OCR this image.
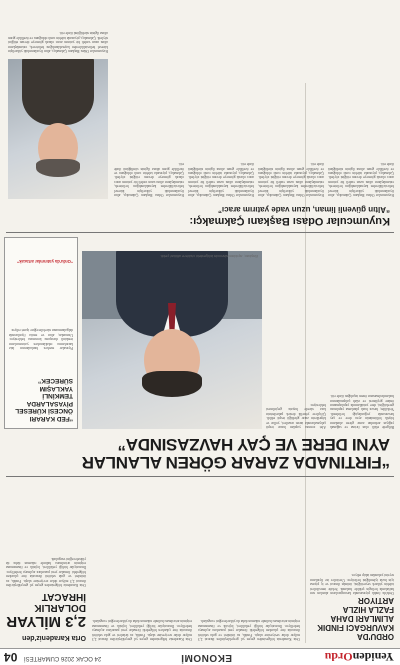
YenidenOrdu
EKONOMİ
24 OCAK 2026 CUMARTESİ
04
ORDU'DA KAVURGACI FINDIK ALIMLARI DAHA FAZLA HIZLA ARTIYOR
Ordu'da fındık piyasasında kavurgacıların alımları son haftalarda belirgin şekilde hızlandı. Sektör temsilcileri talebin yüksek seyrettiğini, ürünün ihracat ve iç piyasa için hızla işlendiğini belirtiyor. Üreticiler ise fiyatların seyrini yakından takip ediyor.
Orta Karadeniz'den
2,3 MİLYAR
DOLARLIK İHRACAT
Orta Karadeniz bölgesinden geçen yıl gerçekleştirilen ihracat 2,3 milyar dolar seviyesine ulaştı. Fındık, su ürünleri ve gıda sektörü ihracatta öne çıkarken bölgedeki firmalar yeni pazarlara açılmayı hedefliyor. İhracatçılar birliği yetkilileri, lojistik ve finansmana erişimin artırılması halinde rakamın daha da yükseleceğini vurguladı.
Orta Karadeniz bölgesinden geçen yıl gerçekleştirilen ihracat 2,3 milyar dolar seviyesine ulaştı. Fındık, su ürünleri ve gıda sektörü ihracatta öne çıkarken bölgedeki firmalar yeni pazarlara açılmayı hedefliyor. İhracatçılar birliği yetkilileri, lojistik ve finansmana erişimin artırılması halinde rakamın daha da yükseleceğini vurguladı.
Orta Karadeniz bölgesinden geçen yıl gerçekleştirilen ihracat 2,3 milyar dolar seviyesine ulaştı. Fındık, su ürünleri ve gıda sektörü ihracatta öne çıkarken bölgedeki firmalar yeni pazarlara açılmayı hedefliyor. İhracatçılar birliği yetkilileri, lojistik ve finansmana erişimin artırılması halinde rakamın daha da yükseleceğini vurguladı.
“FIRTINADA ZARAR GÖREN ALANLAR
AYNI DERE VE ÇAY HAVZASINDA”
Bölgede etkili olan fırtına ve sağanak yağışın ardından zarar gören alanların büyük bölümünün aynı dere ve çay havzasında yoğunlaştığı belirlendi. Yetkililer, havza bazlı planlama yapılması gerektiğini, dere yataklarında yapılaşmanın önüne geçilmesi ve ıslah çalışmalarının hızlandırılmasının önem taşıdığını ifade etti.
Afet sonrası yapılan hasar tespit çalışmalarında tarım arazileri, yollar ve köprülerin zarar gördüğü tespit edildi. Çiftçilere yönelik destek paketlerinin kısa sürede hayata geçirilmesi bekleniyor.
Başkan, açıklamalarında bölgedeki risklere dikkat çekti.
“FED KARARI ÖNCESİ KÜRESEL PİYASALARDA TEMKİNLİ YAKLAŞIM SÜRECEK”
Piyasalar merkez bankalarının faiz kararlarına odaklanırken yatırımcıların temkinli duruşunu koruması bekleniyor. Uzmanlar, altın ve emtia fiyatlarında dalgalanmanın sürebileceğine işaret ediyor.
“Ordu'da yatırımlar artacak”
Kuyumcular Odası Başkanı Çakmakçı:
“Altın güvenli liman, uzun vade yatırım aracı”
Kuyumcular Odası Başkanı Çakmakçı, altın fiyatlarındaki yükselişin küresel belirsizliklerden kaynaklandığını belirterek, vatandaşların altını uzun vadeli bir yatırım aracı olarak görmeye devam ettiğini söyledi. Çakmakçı, piyasada talebin canlı olduğunu ve özellikle gram altına ilginin sürdüğünü ifade etti.
Kuyumcular Odası Başkanı Çakmakçı, altın fiyatlarındaki yükselişin küresel belirsizliklerden kaynaklandığını belirterek, vatandaşların altını uzun vadeli bir yatırım aracı olarak görmeye devam ettiğini söyledi. Çakmakçı, piyasada talebin canlı olduğunu ve özellikle gram altına ilginin sürdüğünü ifade etti.
Kuyumcular Odası Başkanı Çakmakçı, altın fiyatlarındaki yükselişin küresel belirsizliklerden kaynaklandığını belirterek, vatandaşların altını uzun vadeli bir yatırım aracı olarak görmeye devam ettiğini söyledi. Çakmakçı, piyasada talebin canlı olduğunu ve özellikle gram altına ilginin sürdüğünü ifade etti.
Kuyumcular Odası Başkanı Çakmakçı, altın fiyatlarındaki yükselişin küresel belirsizliklerden kaynaklandığını belirterek, vatandaşların altını uzun vadeli bir yatırım aracı olarak görmeye devam ettiğini söyledi. Çakmakçı, piyasada talebin canlı olduğunu ve özellikle gram altına ilginin sürdüğünü ifade etti.
Kuyumcular Odası Başkanı Çakmakçı, altın fiyatlarındaki yükselişin küresel belirsizliklerden kaynaklandığını belirterek, vatandaşların altını uzun vadeli bir yatırım aracı olarak görmeye devam ettiğini söyledi. Çakmakçı, piyasada talebin canlı olduğunu ve özellikle gram altına ilginin sürdüğünü ifade etti.
